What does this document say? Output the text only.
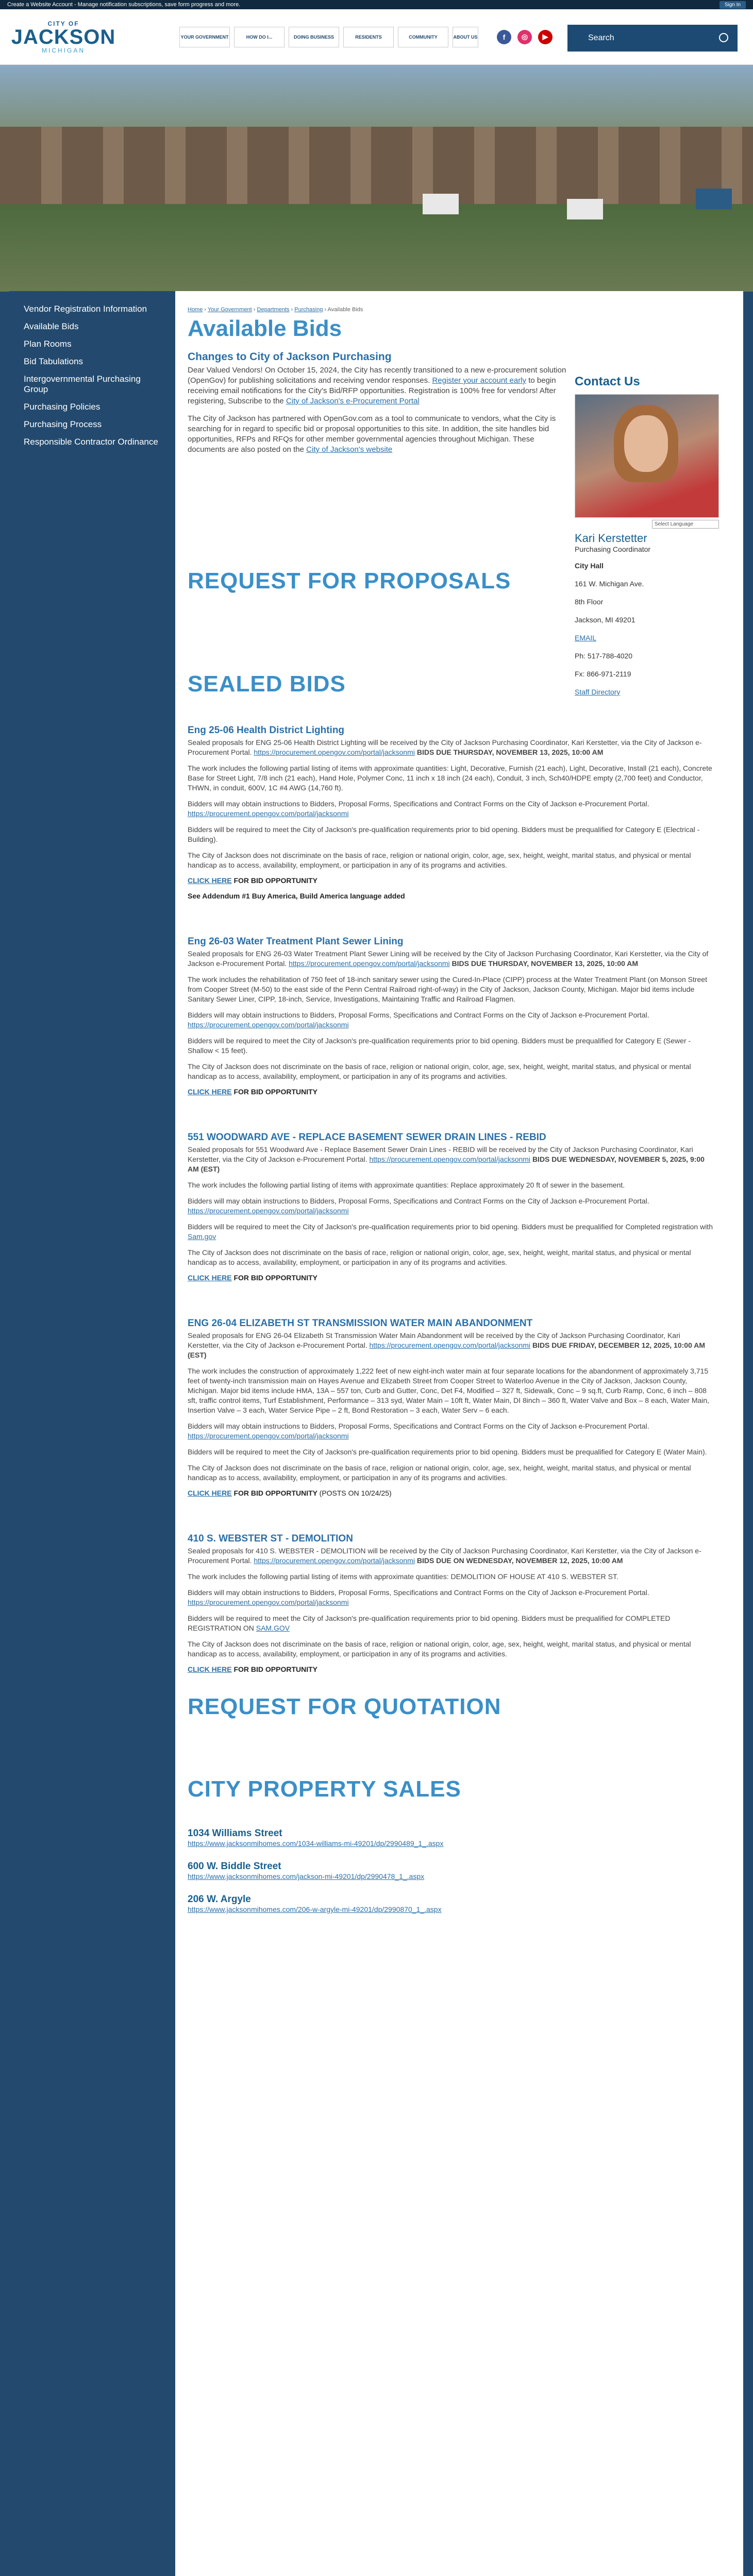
Create a Website Account - Manage notification subscriptions, save form progress and more.	Sign In
CITY OF
JACKSON
MICHIGAN
YOUR GOVERNMENT	HOW DO I...	DOING BUSINESS	RESIDENTS	COMMUNITY	ABOUT US	f	◎	▶	Search
Vendor Registration Information
Available Bids
Plan Rooms
Bid Tabulations
Intergovernmental Purchasing Group
Purchasing Policies
Purchasing Process
Responsible Contractor Ordinance
Home › Your Government › Departments › Purchasing › Available Bids
Available Bids
Changes to City of Jackson Purchasing

Dear Valued Vendors! On October 15, 2024, the City has recently transitioned to a new e-procurement solution (OpenGov) for publishing solicitations and receiving vendor responses. Register your account early to begin receiving email notifications for the City's Bid/RFP opportunities. Registration is 100% free for vendors! After registering, Subscribe to the City of Jackson's e-Procurement Portal

The City of Jackson has partnered with OpenGov.com as a tool to communicate to vendors, what the City is searching for in regard to specific bid or proposal opportunities to this site. In addition, the site handles bid opportunities, RFPs and RFQs for other member governmental agencies throughout Michigan. These documents are also posted on the City of Jackson's website

Contact Us
Select Language
Kari Kerstetter
Purchasing Coordinator
City Hall
161 W. Michigan Ave.
8th Floor
Jackson, MI 49201
EMAIL
Ph: 517-788-4020
Fx: 866-971-2119
Staff Directory
REQUEST FOR PROPOSALS
SEALED BIDS
Eng 25-06 Health District Lighting

Sealed proposals for ENG 25-06 Health District Lighting will be received by the City of Jackson Purchasing Coordinator, Kari Kerstetter, via the City of Jackson e-Procurement Portal. https://procurement.opengov.com/portal/jacksonmi BIDS DUE THURSDAY, NOVEMBER 13, 2025, 10:00 AM

The work includes the following partial listing of items with approximate quantities: Light, Decorative, Furnish (21 each), Light, Decorative, Install (21 each), Concrete Base for Street Light, 7/8 inch (21 each), Hand Hole, Polymer Conc, 11 inch x 18 inch (24 each), Conduit, 3 inch, Sch40/HDPE empty (2,700 feet) and Conductor, THWN, in conduit, 600V, 1C #4 AWG (14,760 ft).

Bidders will may obtain instructions to Bidders, Proposal Forms, Specifications and Contract Forms on the City of Jackson e-Procurement Portal. https://procurement.opengov.com/portal/jacksonmi

Bidders will be required to meet the City of Jackson's pre-qualification requirements prior to bid opening. Bidders must be prequalified for Category E (Electrical - Building).

The City of Jackson does not discriminate on the basis of race, religion or national origin, color, age, sex, height, weight, marital status, and physical or mental handicap as to access, availability, employment, or participation in any of its programs and activities.

CLICK HERE FOR BID OPPORTUNITY
See Addendum #1 Buy America, Build America language added

Eng 26-03 Water Treatment Plant Sewer Lining

Sealed proposals for ENG 26-03 Water Treatment Plant Sewer Lining will be received by the City of Jackson Purchasing Coordinator, Kari Kerstetter, via the City of Jackson e-Procurement Portal. https://procurement.opengov.com/portal/jacksonmi BIDS DUE THURSDAY, NOVEMBER 13, 2025, 10:00 AM

The work includes the rehabilitation of 750 feet of 18-inch sanitary sewer using the Cured-In-Place (CIPP) process at the Water Treatment Plant (on Monson Street from Cooper Street (M-50) to the east side of the Penn Central Railroad right-of-way) in the City of Jackson, Jackson County, Michigan. Major bid items include Sanitary Sewer Liner, CIPP, 18-inch, Service, Investigations, Maintaining Traffic and Railroad Flagmen.

Bidders will may obtain instructions to Bidders, Proposal Forms, Specifications and Contract Forms on the City of Jackson e-Procurement Portal. https://procurement.opengov.com/portal/jacksonmi

Bidders will be required to meet the City of Jackson's pre-qualification requirements prior to bid opening. Bidders must be prequalified for Category E (Sewer - Shallow < 15 feet).

The City of Jackson does not discriminate on the basis of race, religion or national origin, color, age, sex, height, weight, marital status, and physical or mental handicap as to access, availability, employment, or participation in any of its programs and activities.

CLICK HERE FOR BID OPPORTUNITY

551 WOODWARD AVE - REPLACE BASEMENT SEWER DRAIN LINES - REBID

Sealed proposals for 551 Woodward Ave - Replace Basement Sewer Drain Lines - REBID will be received by the City of Jackson Purchasing Coordinator, Kari Kerstetter, via the City of Jackson e-Procurement Portal. https://procurement.opengov.com/portal/jacksonmi BIDS DUE WEDNESDAY, NOVEMBER 5, 2025, 9:00 AM (EST)

The work includes the following partial listing of items with approximate quantities: Replace approximately 20 ft of sewer in the basement.

Bidders will may obtain instructions to Bidders, Proposal Forms, Specifications and Contract Forms on the City of Jackson e-Procurement Portal. https://procurement.opengov.com/portal/jacksonmi

Bidders will be required to meet the City of Jackson's pre-qualification requirements prior to bid opening. Bidders must be prequalified for Completed registration with Sam.gov

The City of Jackson does not discriminate on the basis of race, religion or national origin, color, age, sex, height, weight, marital status, and physical or mental handicap as to access, availability, employment, or participation in any of its programs and activities.

CLICK HERE FOR BID OPPORTUNITY

ENG 26-04 ELIZABETH ST TRANSMISSION WATER MAIN ABANDONMENT

Sealed proposals for ENG 26-04 Elizabeth St Transmission Water Main Abandonment will be received by the City of Jackson Purchasing Coordinator, Kari Kerstetter, via the City of Jackson e-Procurement Portal. https://procurement.opengov.com/portal/jacksonmi BIDS DUE FRIDAY, DECEMBER 12, 2025, 10:00 AM (EST)

The work includes the construction of approximately 1,222 feet of new eight-inch water main at four separate locations for the abandonment of approximately 3,715 feet of twenty-inch transmission main on Hayes Avenue and Elizabeth Street from Cooper Street to Waterloo Avenue in the City of Jackson, Jackson County, Michigan. Major bid items include HMA, 13A – 557 ton, Curb and Gutter, Conc, Det F4, Modified – 327 ft, Sidewalk, Conc – 9 sq.ft, Curb Ramp, Conc, 6 inch – 808 sft, traffic control items, Turf Establishment, Performance – 313 syd, Water Main – 10ft ft, Water Main, DI 8inch – 360 ft, Water Valve and Box – 8 each, Water Main, Insertion Valve – 3 each, Water Service Pipe – 2 ft, Bond Restoration – 3 each, Water Serv – 6 each.

Bidders will may obtain instructions to Bidders, Proposal Forms, Specifications and Contract Forms on the City of Jackson e-Procurement Portal. https://procurement.opengov.com/portal/jacksonmi

Bidders will be required to meet the City of Jackson's pre-qualification requirements prior to bid opening. Bidders must be prequalified for Category E (Water Main).

The City of Jackson does not discriminate on the basis of race, religion or national origin, color, age, sex, height, weight, marital status, and physical or mental handicap as to access, availability, employment, or participation in any of its programs and activities.

CLICK HERE FOR BID OPPORTUNITY (POSTS ON 10/24/25)

410 S. WEBSTER ST - DEMOLITION

Sealed proposals for 410 S. WEBSTER - DEMOLITION will be received by the City of Jackson Purchasing Coordinator, Kari Kerstetter, via the City of Jackson e-Procurement Portal. https://procurement.opengov.com/portal/jacksonmi BIDS DUE ON WEDNESDAY, NOVEMBER 12, 2025, 10:00 AM

The work includes the following partial listing of items with approximate quantities: DEMOLITION OF HOUSE AT 410 S. WEBSTER ST.

Bidders will may obtain instructions to Bidders, Proposal Forms, Specifications and Contract Forms on the City of Jackson e-Procurement Portal. https://procurement.opengov.com/portal/jacksonmi

Bidders will be required to meet the City of Jackson's pre-qualification requirements prior to bid opening. Bidders must be prequalified for COMPLETED REGISTRATION ON SAM.GOV

The City of Jackson does not discriminate on the basis of race, religion or national origin, color, age, sex, height, weight, marital status, and physical or mental handicap as to access, availability, employment, or participation in any of its programs and activities.

CLICK HERE FOR BID OPPORTUNITY

REQUEST FOR QUOTATION
CITY PROPERTY SALES
1034 Williams Street
https://www.jacksonmihomes.com/1034-williams-mi-49201/dp/2990489_1_.aspx
600 W. Biddle Street
https://www.jacksonmihomes.com/jackson-mi-49201/dp/2990478_1_.aspx
206 W. Argyle
https://www.jacksonmihomes.com/206-w-argyle-mi-49201/dp/2990870_1_.aspx
